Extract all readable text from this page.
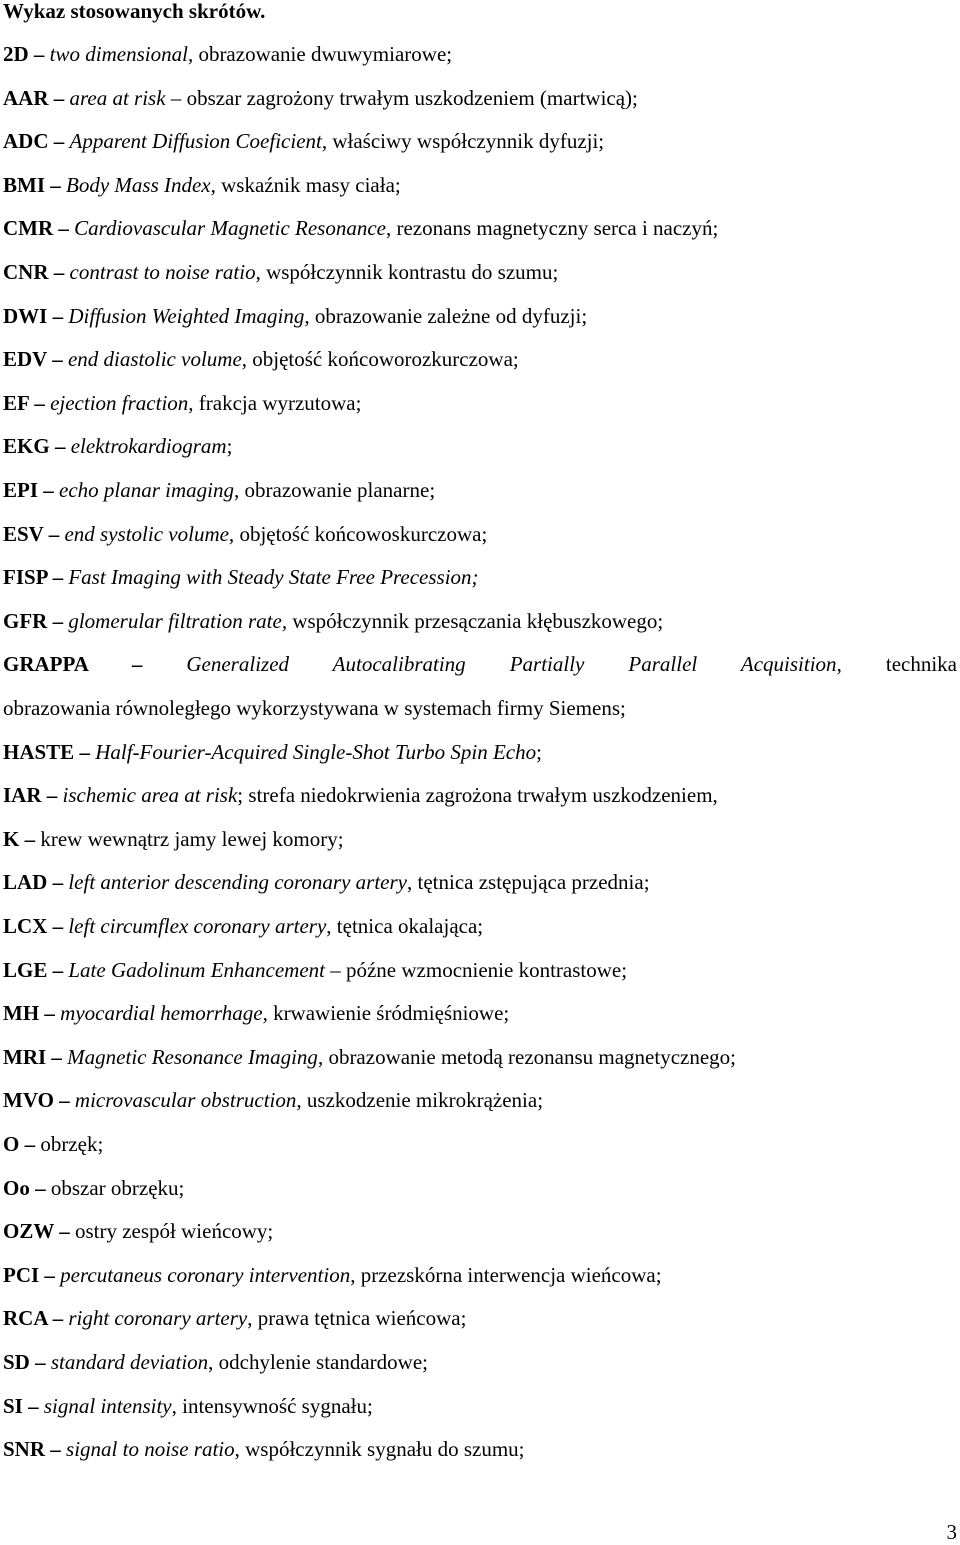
Wykaz stosowanych skrótów.

2D – two dimensional, obrazowanie dwuwymiarowe;

AAR – area at risk – obszar zagrożony trwałym uszkodzeniem (martwicą);

ADC – Apparent Diffusion Coeficient, właściwy współczynnik dyfuzji;

BMI – Body Mass Index, wskaźnik masy ciała;

CMR – Cardiovascular Magnetic Resonance, rezonans magnetyczny serca i naczyń;

CNR – contrast to noise ratio, współczynnik kontrastu do szumu;

DWI – Diffusion Weighted Imaging, obrazowanie zależne od dyfuzji;

EDV – end diastolic volume, objętość końcoworozkurczowa;

EF – ejection fraction, frakcja wyrzutowa;

EKG – elektrokardiogram;

EPI – echo planar imaging, obrazowanie planarne;

ESV – end systolic volume, objętość końcowoskurczowa;

FISP – Fast Imaging with Steady State Free Precession;

GFR – glomerular filtration rate, współczynnik przesączania kłębuszkowego;

GRAPPA – Generalized Autocalibrating Partially Parallel Acquisition, technika

obrazowania równoległego wykorzystywana w systemach firmy Siemens;

HASTE – Half-Fourier-Acquired Single-Shot Turbo Spin Echo;

IAR – ischemic area at risk; strefa niedokrwienia zagrożona trwałym uszkodzeniem,

K – krew wewnątrz jamy lewej komory;

LAD – left anterior descending coronary artery, tętnica zstępująca przednia;

LCX – left circumflex coronary artery, tętnica okalająca;

LGE – Late Gadolinum Enhancement – późne wzmocnienie kontrastowe;

MH – myocardial hemorrhage, krwawienie śródmięśniowe;

MRI – Magnetic Resonance Imaging, obrazowanie metodą rezonansu magnetycznego;

MVO – microvascular obstruction, uszkodzenie mikrokrążenia;

O – obrzęk;

Oo – obszar obrzęku;

OZW – ostry zespół wieńcowy;

PCI – percutaneus coronary intervention, przezskórna interwencja wieńcowa;

RCA – right coronary artery, prawa tętnica wieńcowa;

SD – standard deviation, odchylenie standardowe;

SI – signal intensity, intensywność sygnału;

SNR – signal to noise ratio, współczynnik sygnału do szumu;

3
